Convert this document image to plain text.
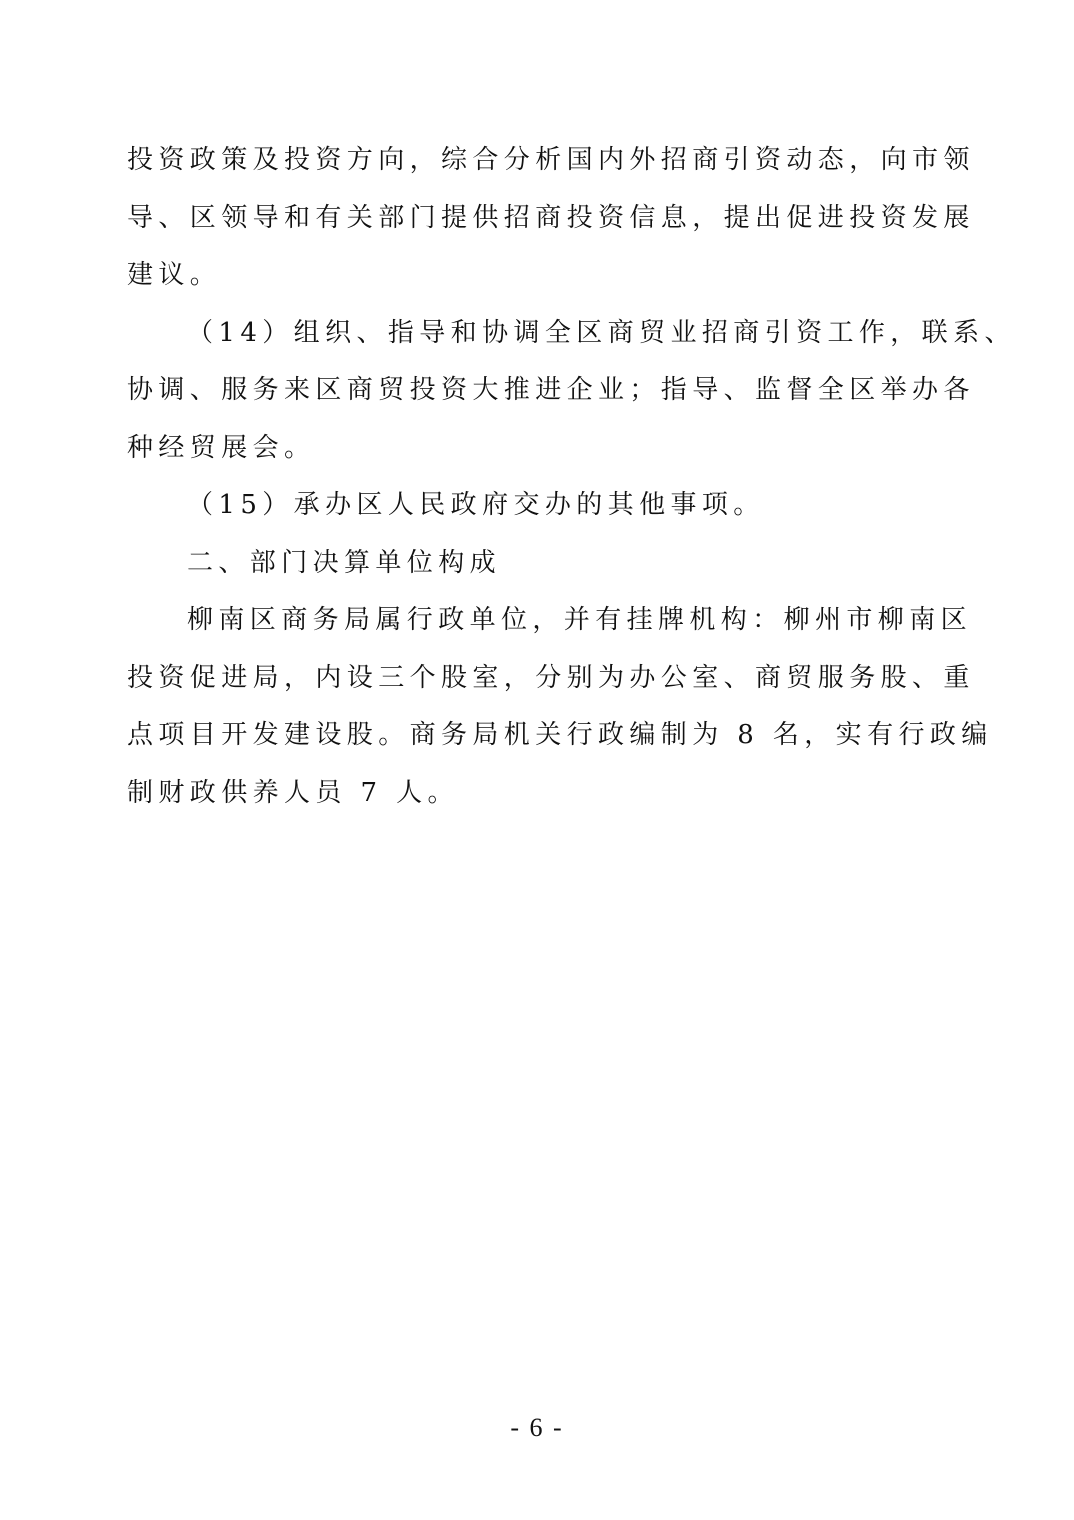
投资政策及投资方向，综合分析国内外招商引资动态，向市领
导、区领导和有关部门提供招商投资信息，提出促进投资发展
建议。
（14）组织、指导和协调全区商贸业招商引资工作，联系、
协调、服务来区商贸投资大推进企业；指导、监督全区举办各
种经贸展会。
（15）承办区人民政府交办的其他事项。
二、部门决算单位构成
柳南区商务局属行政单位，并有挂牌机构：柳州市柳南区
投资促进局，内设三个股室，分别为办公室、商贸服务股、重
点项目开发建设股。商务局机关行政编制为 8 名，实有行政编
制财政供养人员 7 人。
- 6 -
